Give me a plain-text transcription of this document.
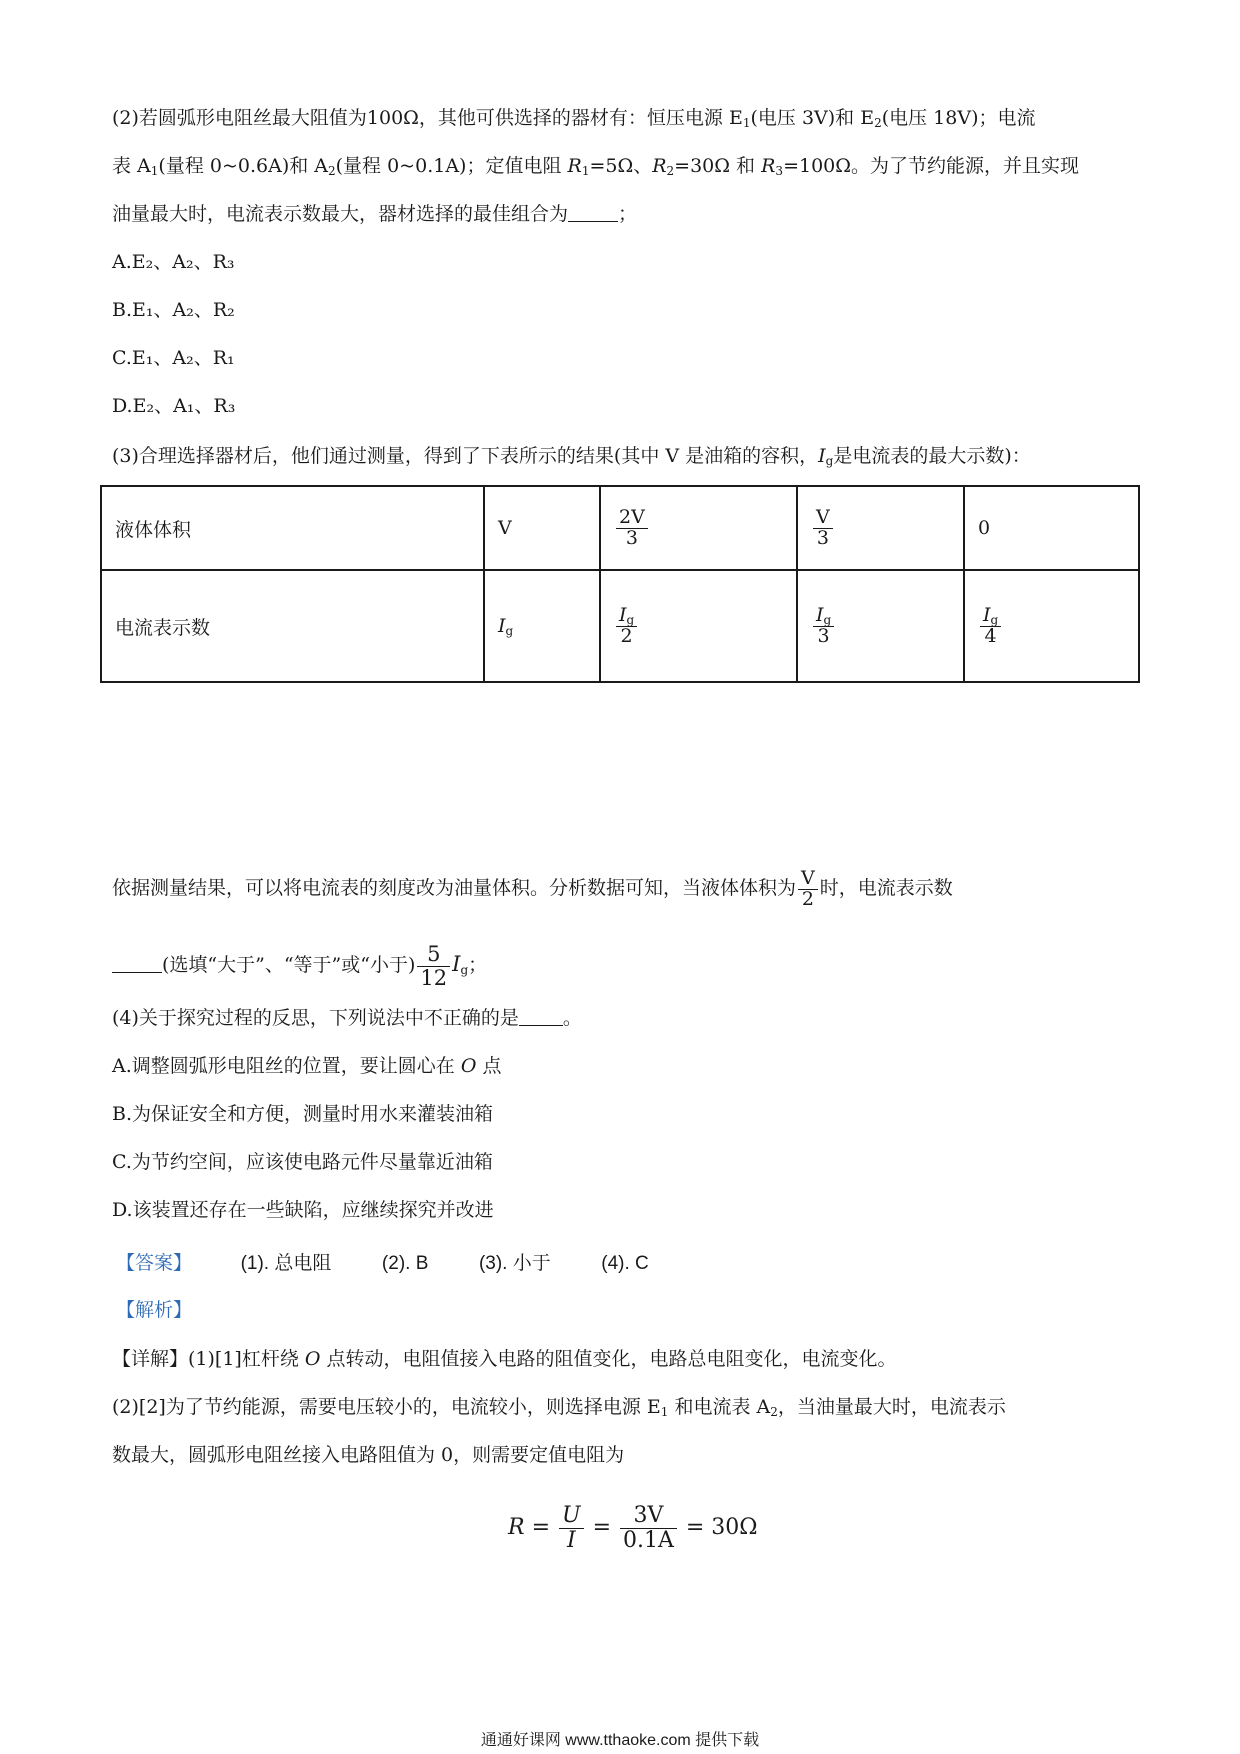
(2)若圆弧形电阻丝最大阻值为100Ω，其他可供选择的器材有：恒压电源 $E_1$(电压 3V)和 $E_2$(电压 18V)；电流
表 $A_1$(量程 0~0.6A)和 $A_2$(量程 0~0.1A)；定值电阻 $R_1=5\Omega$、$R_2=30\Omega$ 和 $R_3=100\Omega$。为了节约能源，并且实现
油量最大时，电流表示数最大，器材选择的最佳组合为	；
A.E₂、A₂、R₃
B.E₁、A₂、R₂
C.E₁、A₂、R₁
D.E₂、A₁、R₃
(3)合理选择器材后，他们通过测量，得到了下表所示的结果(其中 V 是油箱的容积，$I_g$是电流表的最大示数)：
液体体积	V	$\frac{2V}{3}$	$\frac{V}{3}$	0
电流表示数	$I_g$	$\frac{I_g}{2}$	$\frac{I_g}{3}$	$\frac{I_g}{4}$
依据测量结果，可以将电流表的刻度改为油量体积。分析数据可知，当液体体积为 $\frac{V}{2}$ 时，电流表示数
(选填“大于”、“等于”或“小于) $\frac{5}{12} I_g$；
(4)关于探究过程的反思，下列说法中不正确的是 。
A.调整圆弧形电阻丝的位置，要让圆心在 O 点
B.为保证安全和方便，测量时用水来灌装油箱
C.为节约空间，应该使电路元件尽量靠近油箱
D.该装置还存在一些缺陷，应继续探究并改进
【答案】	(1). 总电阻	(2). B	(3). 小于	(4). C
【解析】
【详解】(1)[1]杠杆绕 O 点转动，电阻值接入电路的阻值变化，电路总电阻变化，电流变化。
(2)[2]为了节约能源，需要电压较小的，电流较小，则选择电源 $E_1$ 和电流表 $A_2$，当油量最大时，电流表示
数最大，圆弧形电阻丝接入电路阻值为 0，则需要定值电阻为
$R = \frac{U}{I} = \frac{3V}{0.1A} = 30\Omega$
通通好课网 www.tthaoke.com 提供下载
